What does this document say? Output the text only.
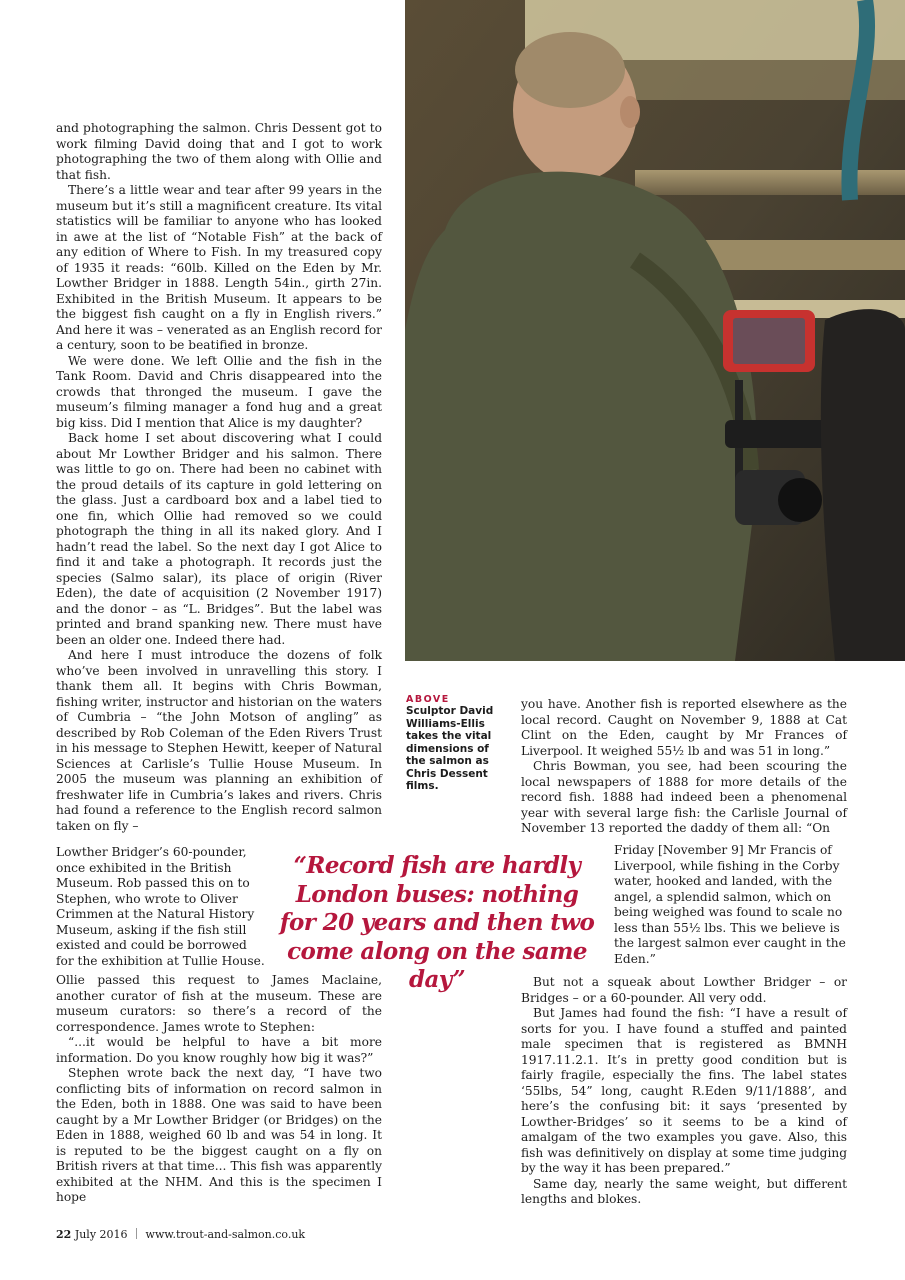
ABOVE
Sculptor David Williams-Ellis takes the vital dimensions of the salmon as Chris Dessent films.

and photographing the salmon. Chris Dessent got to work filming David doing that and I got to work photographing the two of them along with Ollie and that fish.

There’s a little wear and tear after 99 years in the museum but it’s still a magnificent creature. Its vital statistics will be familiar to anyone who has looked in awe at the list of “Notable Fish” at the back of any edition of Where to Fish. In my treasured copy of 1935 it reads: “60lb. Killed on the Eden by Mr. Lowther Bridger in 1888. Length 54in., girth 27in. Exhibited in the British Museum. It appears to be the biggest fish caught on a fly in English rivers.” And here it was – venerated as an English record for a century, soon to be beatified in bronze.

We were done. We left Ollie and the fish in the Tank Room. David and Chris disappeared into the crowds that thronged the museum. I gave the museum’s filming manager a fond hug and a great big kiss. Did I mention that Alice is my daughter?

Back home I set about discovering what I could about Mr Lowther Bridger and his salmon. There was little to go on. There had been no cabinet with the proud details of its capture in gold lettering on the glass. Just a cardboard box and a label tied to one fin, which Ollie had removed so we could photograph the thing in all its naked glory. And I hadn’t read the label. So the next day I got Alice to find it and take a photograph. It records just the species (Salmo salar), its place of origin (River Eden), the date of acquisition (2 November 1917) and the donor – as “L. Bridges”. But the label was printed and brand spanking new. There must have been an older one. Indeed there had.

And here I must introduce the dozens of folk who’ve been involved in unravelling this story. I thank them all. It begins with Chris Bowman, fishing writer, instructor and historian on the waters of Cumbria – “the John Motson of angling” as described by Rob Coleman of the Eden Rivers Trust in his message to Stephen Hewitt, keeper of Natural Sciences at Carlisle’s Tullie House Museum. In 2005 the museum was planning an exhibition of freshwater life in Cumbria’s lakes and rivers. Chris had found a reference to the English record salmon taken on fly –

Lowther Bridger’s 60-pounder, once exhibited in the British Museum. Rob passed this on to Stephen, who wrote to Oliver Crimmen at the Natural History Museum, asking if the fish still existed and could be borrowed for the exhibition at Tullie House.

Ollie passed this request to James Maclaine, another curator of fish at the museum. These are museum curators: so there’s a record of the correspondence. James wrote to Stephen:

“...it would be helpful to have a bit more information. Do you know roughly how big it was?”

Stephen wrote back the next day, “I have two conflicting bits of information on record salmon in the Eden, both in 1888. One was said to have been caught by a Mr Lowther Bridger (or Bridges) on the Eden in 1888, weighed 60 lb and was 54 in long. It is reputed to be the biggest caught on a fly on British rivers at that time... This fish was apparently exhibited at the NHM. And this is the specimen I hope

“Record fish are hardly London buses: nothing for 20 years and then two come along on the same day”

you have. Another fish is reported elsewhere as the local record. Caught on November 9, 1888 at Cat Clint on the Eden, caught by Mr Frances of Liverpool. It weighed 55½ lb and was 51 in long.”

Chris Bowman, you see, had been scouring the local newspapers of 1888 for more details of the record fish. 1888 had indeed been a phenomenal year with several large fish: the Carlisle Journal of November 13 reported the daddy of them all: “On

Friday [November 9] Mr Francis of Liverpool, while fishing in the Corby water, hooked and landed, with the angel, a splendid salmon, which on being weighed was found to scale no less than 55½ lbs. This we believe is the largest salmon ever caught in the Eden.”

But not a squeak about Lowther Bridger – or Bridges – or a 60-pounder. All very odd.

But James had found the fish: “I have a result of sorts for you. I have found a stuffed and painted male specimen that is registered as BMNH 1917.11.2.1. It’s in pretty good condition but is fairly fragile, especially the fins. The label states ‘55lbs, 54” long, caught R.Eden 9/11/1888’, and here’s the confusing bit: it says ‘presented by Lowther-Bridges’ so it seems to be a kind of amalgam of the two examples you gave. Also, this fish was definitively on display at some time judging by the way it has been prepared.”

Same day, nearly the same weight, but different lengths and blokes.

22 July 2016 www.trout-and-salmon.co.uk
